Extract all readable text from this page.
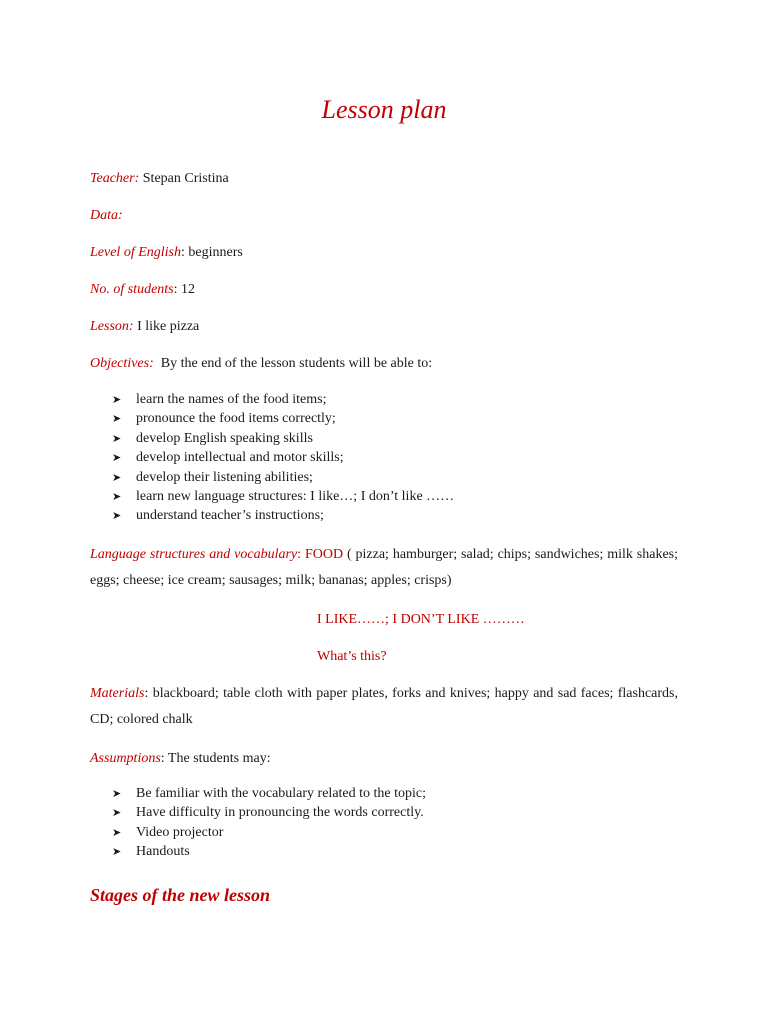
Lesson plan
Teacher: Stepan Cristina
Data:
Level of English: beginners
No. of students: 12
Lesson: I like pizza
Objectives:  By the end of the lesson students will be able to:
➤ learn the names of the food items;
➤ pronounce the food items correctly;
➤ develop English speaking skills
➤ develop intellectual and motor skills;
➤ develop their listening abilities;
➤ learn new language structures: I like…; I don’t like ……
➤ understand teacher’s instructions;
Language structures and vocabulary: FOOD ( pizza; hamburger; salad; chips; sandwiches; milk shakes; eggs; cheese; ice cream; sausages; milk; bananas; apples; crisps)
I LIKE……; I DON’T LIKE ………
What’s this?
Materials: blackboard; table cloth with paper plates, forks and knives; happy and sad faces; flashcards, CD; colored chalk
Assumptions: The students may:
➤ Be familiar with the vocabulary related to the topic;
➤ Have difficulty in pronouncing the words correctly.
➤ Video projector
➤ Handouts
Stages of the new lesson
